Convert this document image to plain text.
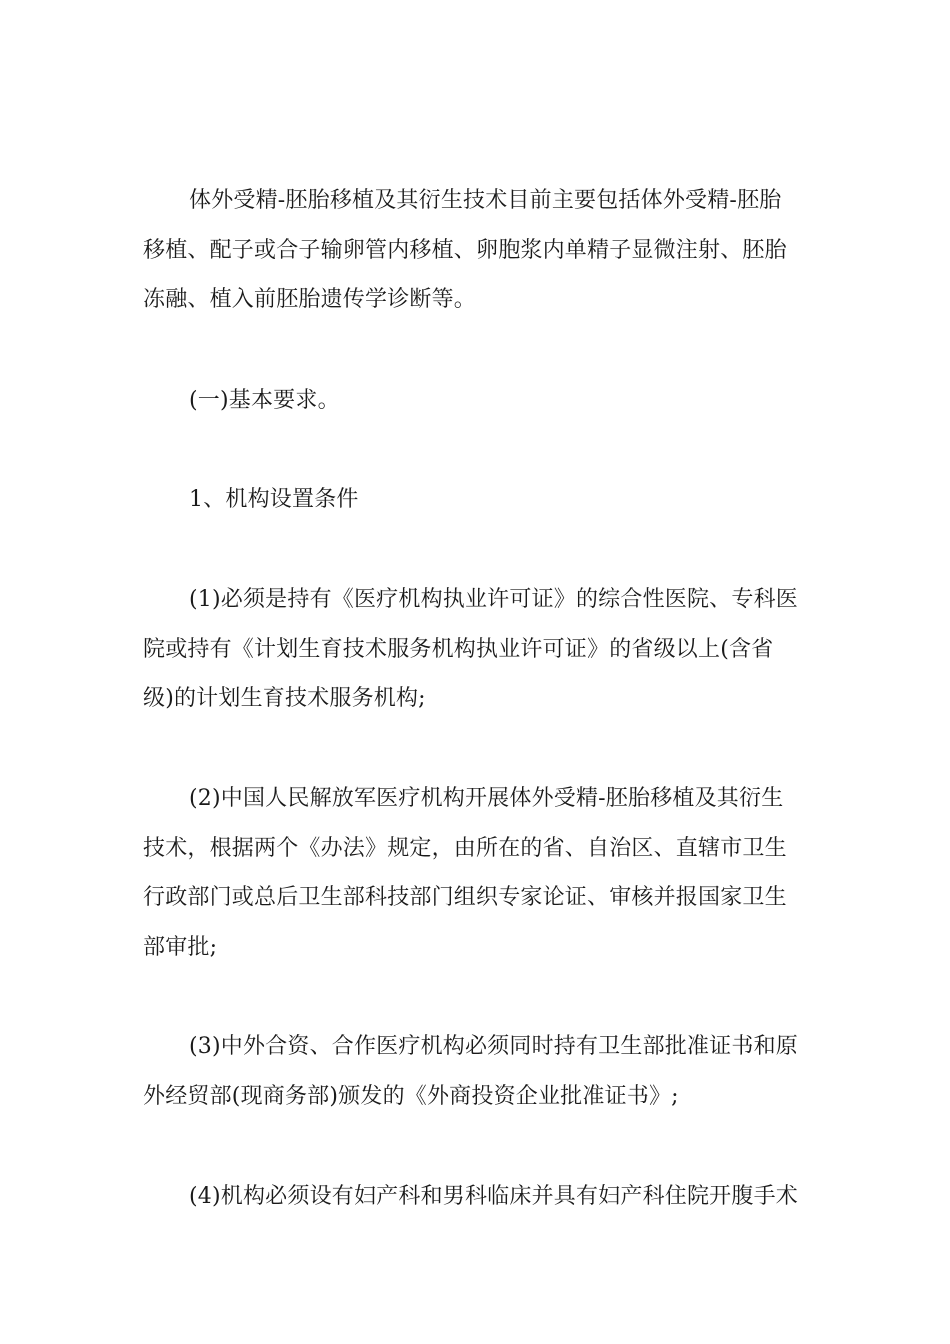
体外受精-胚胎移植及其衍生技术目前主要包括体外受精-胚胎
移植、配子或合子输卵管内移植、卵胞浆内单精子显微注射、胚胎
冻融、植入前胚胎遗传学诊断等。
(一)基本要求。
1、机构设置条件
(1)必须是持有《医疗机构执业许可证》的综合性医院、专科医
院或持有《计划生育技术服务机构执业许可证》的省级以上(含省
级)的计划生育技术服务机构;
(2)中国人民解放军医疗机构开展体外受精-胚胎移植及其衍生
技术，根据两个《办法》规定，由所在的省、自治区、直辖市卫生
行政部门或总后卫生部科技部门组织专家论证、审核并报国家卫生
部审批;
(3)中外合资、合作医疗机构必须同时持有卫生部批准证书和原
外经贸部(现商务部)颁发的《外商投资企业批准证书》;
(4)机构必须设有妇产科和男科临床并具有妇产科住院开腹手术
